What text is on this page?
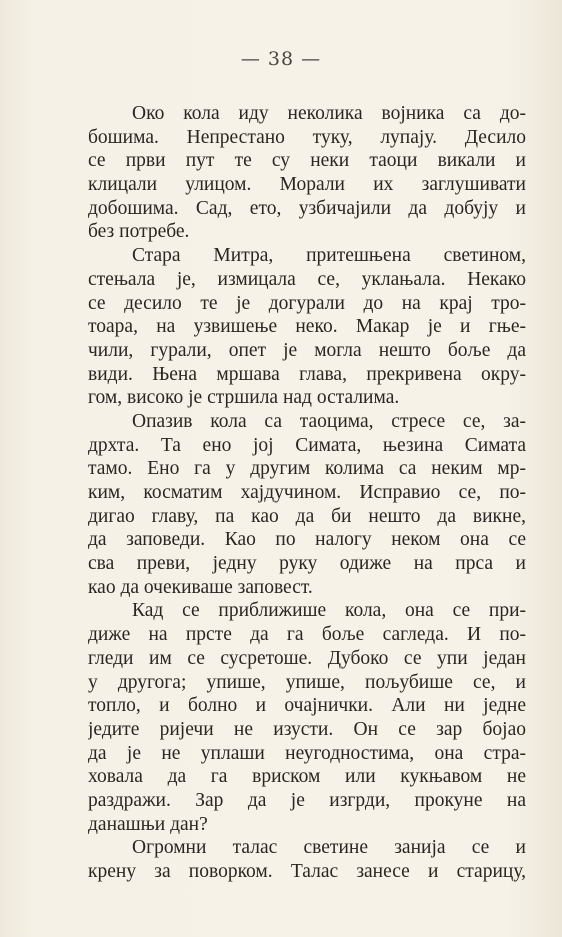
— 38 —
Око кола иду неколика војника са до-
бошима. Непрестано туку, лупају. Десило
се први пут те су неки таоци викали и
клицали улицом. Морали их заглушивати
добошима. Сад, ето, узбичајили да добују и
без потребе.
Стара Митра, притешњена светином,
стењала је, измицала се, уклањала. Некако
се десило те је догурали до на крај тро-
тоара, на узвишење неко. Макар је и гње-
чили, гурали, опет је могла нешто боље да
види. Њена мршава глава, прекривена окру-
гом, високо је стршила над осталима.
Опазив кола са таоцима, стресе се, за-
дрхта. Та ено јој Симата, њезина Симата
тамо. Ено га у другим колима са неким мр-
ким, косматим хајдучином. Исправио се, по-
дигао главу, па као да би нешто да викне,
да заповеди. Као по налогу неком она се
сва преви, једну руку одиже на прса и
као да очекиваше заповест.
Кад се приближише кола, она се при-
диже на прсте да га боље сагледа. И по-
гледи им се сусретоше. Дубоко се упи један
у другога; упише, упише, пољубише се, и
топло, и болно и очајнички. Али ни једне
једите ријечи не изусти. Он се зар бојао
да је не уплаши неугодностима, она стра-
ховала да га вриском или кукњавом не
раздражи. Зар да је изгрди, прокуне на
данашњи дан?
Огромни талас светине занија се и
крену за поворком. Талас занесе и старицу,
